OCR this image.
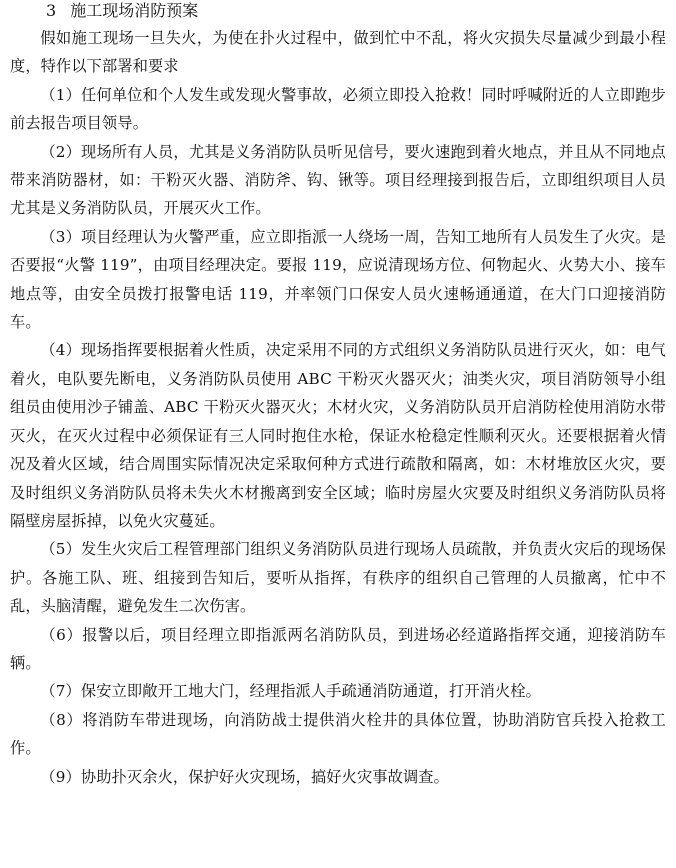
3 施工现场消防预案

假如施工现场一旦失火，为使在扑火过程中，做到忙中不乱，将火灾损失尽量减少到最小程度，特作以下部署和要求

（1）任何单位和个人发生或发现火警事故，必须立即投入抢救！同时呼喊附近的人立即跑步前去报告项目领导。

（2）现场所有人员，尤其是义务消防队员听见信号，要火速跑到着火地点，并且从不同地点带来消防器材，如：干粉灭火器、消防斧、钩、锹等。项目经理接到报告后，立即组织项目人员尤其是义务消防队员，开展灭火工作。

（3）项目经理认为火警严重，应立即指派一人绕场一周，告知工地所有人员发生了火灾。是否要报“火警 119”，由项目经理决定。要报 119，应说清现场方位、何物起火、火势大小、接车地点等，由安全员拨打报警电话 119，并率领门口保安人员火速畅通通道，在大门口迎接消防车。

（4）现场指挥要根据着火性质，决定采用不同的方式组织义务消防队员进行灭火，如：电气着火，电队要先断电，义务消防队员使用 ABC 干粉灭火器灭火；油类火灾，项目消防领导小组组员由使用沙子铺盖、ABC 干粉灭火器灭火；木材火灾，义务消防队员开启消防栓使用消防水带灭火，在灭火过程中必须保证有三人同时抱住水枪，保证水枪稳定性顺利灭火。还要根据着火情况及着火区域，结合周围实际情况决定采取何种方式进行疏散和隔离，如：木材堆放区火灾，要及时组织义务消防队员将未失火木材搬离到安全区域；临时房屋火灾要及时组织义务消防队员将隔壁房屋拆掉，以免火灾蔓延。

（5）发生火灾后工程管理部门组织义务消防队员进行现场人员疏散，并负责火灾后的现场保护。各施工队、班、组接到告知后，要听从指挥，有秩序的组织自己管理的人员撤离，忙中不乱，头脑清醒，避免发生二次伤害。

（6）报警以后，项目经理立即指派两名消防队员，到进场必经道路指挥交通，迎接消防车辆。

（7）保安立即敞开工地大门，经理指派人手疏通消防通道，打开消火栓。

（8）将消防车带进现场，向消防战士提供消火栓井的具体位置，协助消防官兵投入抢救工作。

（9）协助扑灭余火，保护好火灾现场，搞好火灾事故调查。
